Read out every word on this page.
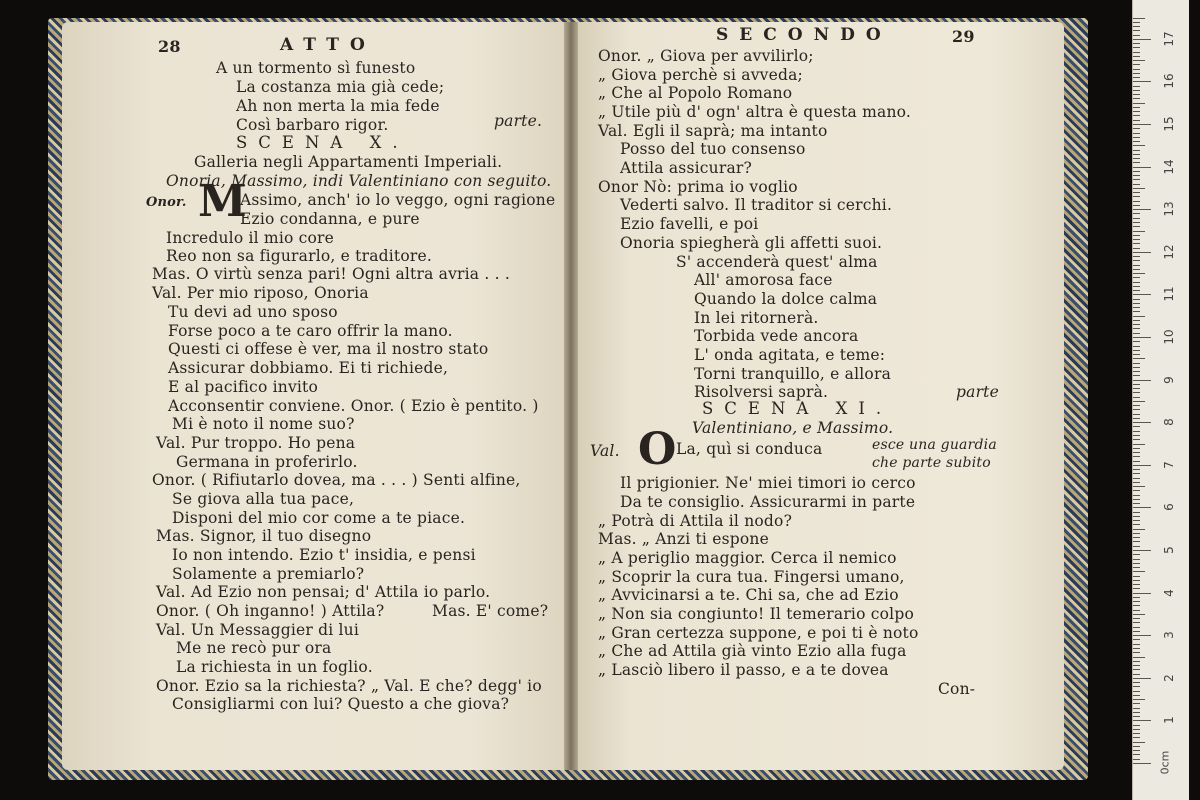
28	ATTO
A un tormento sì funesto
La costanza mia già cede;
Ah non merta la mia fede
Così barbaro rigor.	parte.
SCENA X.
Galleria negli Appartamenti Imperiali.
Onoria, Massimo, indi Valentiniano con seguito.
Onor. M
Assimo, anch' io lo veggo, ogni ragione
Ezio condanna, e pure
Incredulo il mio core
Reo non sa figurarlo, e traditore.
Mas. O virtù senza pari! Ogni altra avria . . .
Val. Per mio riposo, Onoria
Tu devi ad uno sposo
Forse poco a te caro offrir la mano.
Questi ci offese è ver, ma il nostro stato
Assicurar dobbiamo. Ei ti richiede,
E al pacifico invito
Acconsentir conviene. Onor. ( Ezio è pentito. )
Mi è noto il nome suo?
Val. Pur troppo. Ho pena
Germana in proferirlo.
Onor. ( Rifiutarlo dovea, ma . . . ) Senti alfine,
Se giova alla tua pace,
Disponi del mio cor come a te piace.
Mas. Signor, il tuo disegno
Io non intendo. Ezio t' insidia, e pensi
Solamente a premiarlo?
Val. Ad Ezio non pensai; d' Attila io parlo.
Onor. ( Oh inganno! ) Attila?	Mas. E' come?
Val. Un Messaggier di lui
Me ne recò pur ora
La richiesta in un foglio.
Onor. Ezio sa la richiesta? „ Val. E che? degg' io
Consigliarmi con lui? Questo a che giova?
SECONDO	29
Onor. „ Giova per avvilirlo;
„ Giova perchè si avveda;
„ Che al Popolo Romano
„ Utile più d' ogn' altra è questa mano.
Val. Egli il saprà; ma intanto
Posso del tuo consenso
Attila assicurar?
Onor Nò: prima io voglio
Vederti salvo. Il traditor si cerchi.
Ezio favelli, e poi
Onoria spiegherà gli affetti suoi.
S' accenderà quest' alma
All' amorosa face
Quando la dolce calma
In lei ritornerà.
Torbida vede ancora
L' onda agitata, e teme:
Torni tranquillo, e allora
Risolversi saprà.	parte
SCENA XI.
Valentiniano, e Massimo.
Val. O La, quì si conduca	esce una guardia
che parte subito
Il prigionier. Ne' miei timori io cerco
Da te consiglio. Assicurarmi in parte
„ Potrà di Attila il nodo?
Mas. „ Anzi ti espone
„ A periglio maggior. Cerca il nemico
„ Scoprir la cura tua. Fingersi umano,
„ Avvicinarsi a te. Chi sa, che ad Ezio
„ Non sia congiunto! Il temerario colpo
„ Gran certezza suppone, e poi ti è noto
„ Che ad Attila già vinto Ezio alla fuga
„ Lasciò libero il passo, e a te dovea
Con-
1
2
3
4
5
6
7
8
9
10
11
12
13
14
15
16
17
0cm
